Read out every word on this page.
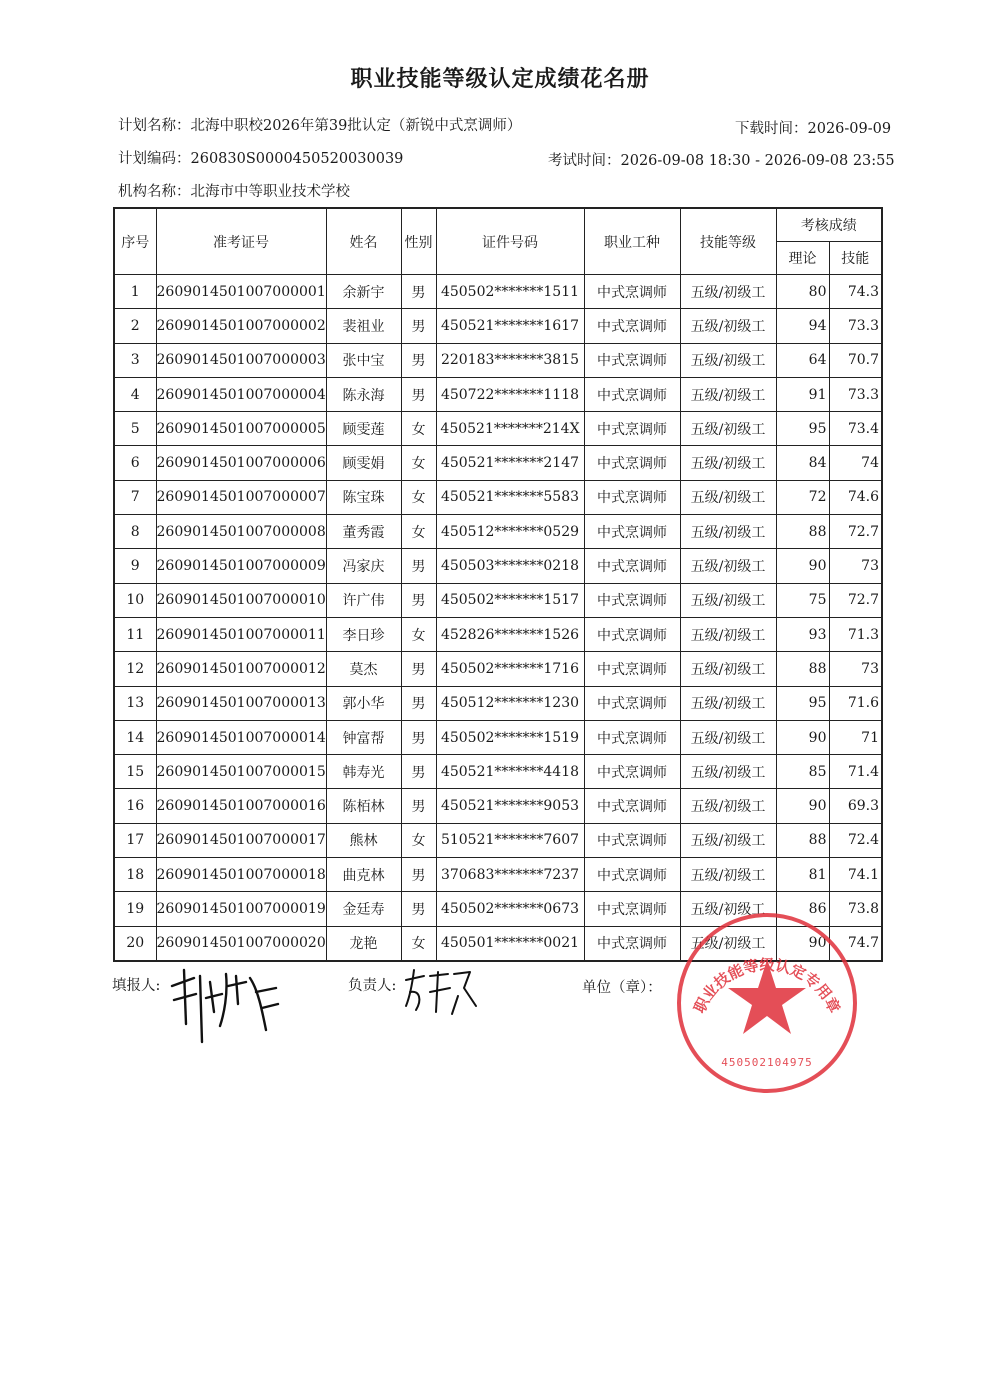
职业技能等级认定成绩花名册
计划名称：北海中职校2026年第39批认定（新锐中式烹调师）	下载时间：2026-09-09
计划编码：260830S0000450520030039	考试时间：2026-09-08 18:30 - 2026-09-08 23:55
机构名称：北海市中等职业技术学校
序号	准考证号	姓名	性别	证件号码	职业工种	技能等级	考核成绩	
							理论	技能
1	2609014501007000001	余新宇	男	450502*******1511	中式烹调师	五级/初级工	80	74.3
2	2609014501007000002	裴祖业	男	450521*******1617	中式烹调师	五级/初级工	94	73.3
3	2609014501007000003	张中宝	男	220183*******3815	中式烹调师	五级/初级工	64	70.7
4	2609014501007000004	陈永海	男	450722*******1118	中式烹调师	五级/初级工	91	73.3
5	2609014501007000005	顾雯莲	女	450521*******214X	中式烹调师	五级/初级工	95	73.4
6	2609014501007000006	顾雯娟	女	450521*******2147	中式烹调师	五级/初级工	84	74
7	2609014501007000007	陈宝珠	女	450521*******5583	中式烹调师	五级/初级工	72	74.6
8	2609014501007000008	董秀霞	女	450512*******0529	中式烹调师	五级/初级工	88	72.7
9	2609014501007000009	冯家庆	男	450503*******0218	中式烹调师	五级/初级工	90	73
10	2609014501007000010	许广伟	男	450502*******1517	中式烹调师	五级/初级工	75	72.7
11	2609014501007000011	李日珍	女	452826*******1526	中式烹调师	五级/初级工	93	71.3
12	2609014501007000012	莫杰	男	450502*******1716	中式烹调师	五级/初级工	88	73
13	2609014501007000013	郭小华	男	450512*******1230	中式烹调师	五级/初级工	95	71.6
14	2609014501007000014	钟富帮	男	450502*******1519	中式烹调师	五级/初级工	90	71
15	2609014501007000015	韩寿光	男	450521*******4418	中式烹调师	五级/初级工	85	71.4
16	2609014501007000016	陈栢林	男	450521*******9053	中式烹调师	五级/初级工	90	69.3
17	2609014501007000017	熊林	女	510521*******7607	中式烹调师	五级/初级工	88	72.4
18	2609014501007000018	曲克林	男	370683*******7237	中式烹调师	五级/初级工	81	74.1
19	2609014501007000019	金廷寿	男	450502*******0673	中式烹调师	五级/初级工	86	73.8
20	2609014501007000020	龙艳	女	450501*******0021	中式烹调师	五级/初级工	90	74.7
填报人:	负责人:	单位（章）：
职业技能等级认定专用章
450502104975
